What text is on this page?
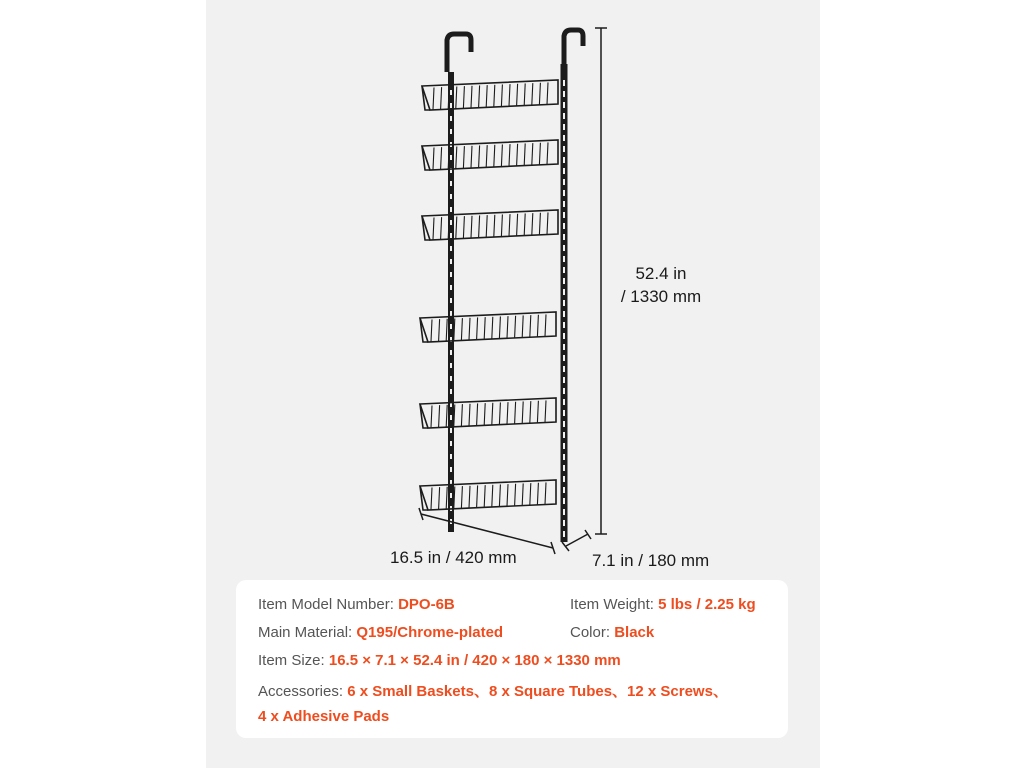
52.4 in
/ 1330 mm
16.5 in / 420 mm	7.1 in / 180 mm
Item Model Number: DPO-6B	Item Weight: 5 lbs / 2.25 kg
Main Material: Q195/Chrome-plated	Color: Black
Item Size: 16.5 × 7.1 × 52.4 in / 420 × 180 × 1330 mm
Accessories: 6 x Small Baskets、8 x Square Tubes、12 x Screws、
4 x Adhesive Pads
